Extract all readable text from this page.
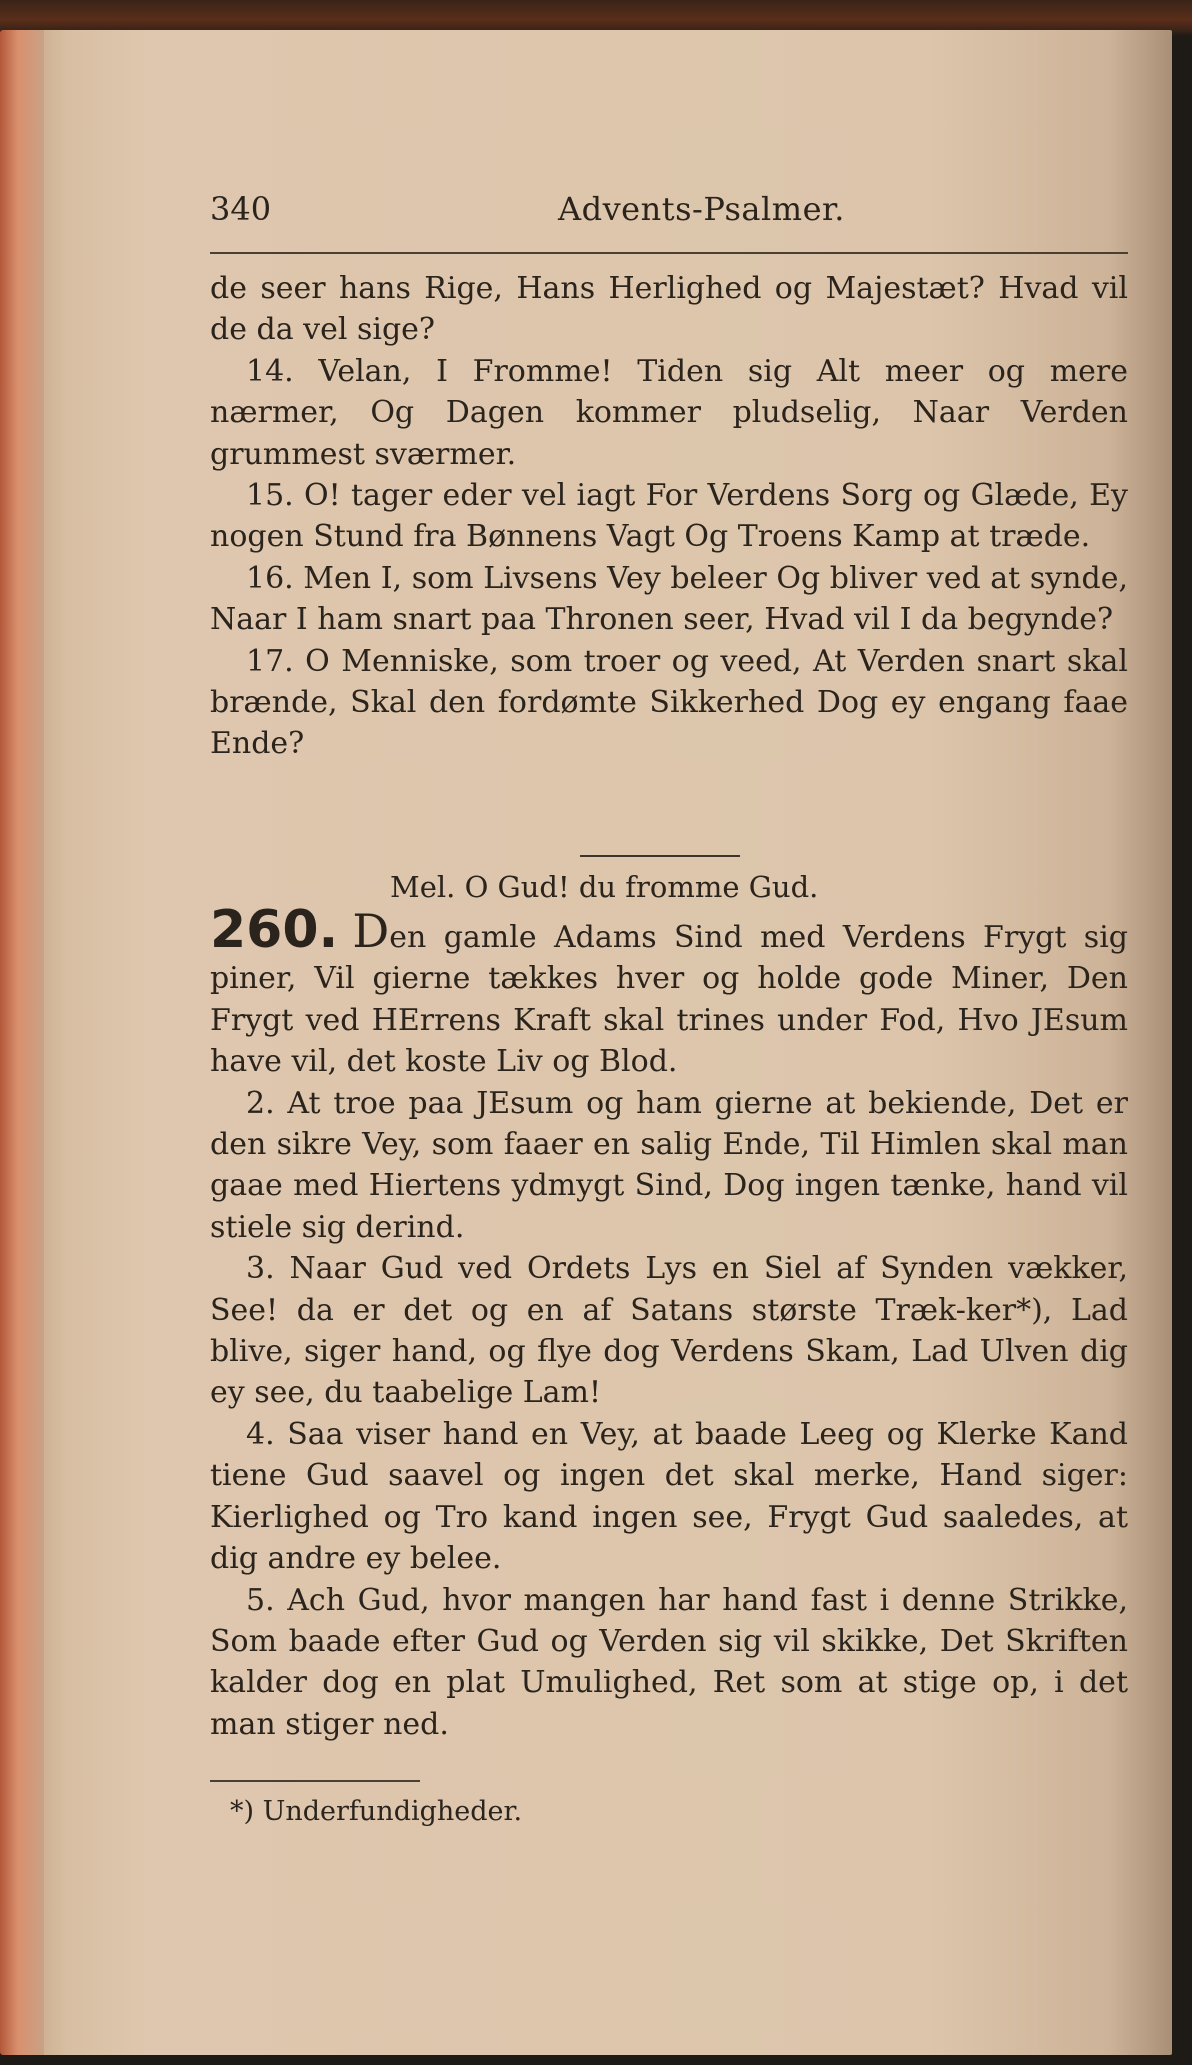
340	Advents-Psalmer.

de seer hans Rige, Hans Herlighed og Majestæt? Hvad vil de da vel sige?

14. Velan, I Fromme! Tiden sig Alt meer og mere nærmer, Og Dagen kommer pludselig, Naar Verden grummest sværmer.

15. O! tager eder vel iagt For Verdens Sorg og Glæde, Ey nogen Stund fra Bønnens Vagt Og Troens Kamp at træde.

16. Men I, som Livsens Vey beleer Og bliver ved at synde, Naar I ham snart paa Thronen seer, Hvad vil I da begynde?

17. O Menniske, som troer og veed, At Verden snart skal brænde, Skal den fordømte Sikkerhed Dog ey engang faae Ende?

Mel. O Gud! du fromme Gud.

260. Den gamle Adams Sind med Verdens Frygt sig piner, Vil gierne tækkes hver og holde gode Miner, Den Frygt ved HErrens Kraft skal trines under Fod, Hvo JEsum have vil, det koste Liv og Blod.

2. At troe paa JEsum og ham gierne at bekiende, Det er den sikre Vey, som faaer en salig Ende, Til Himlen skal man gaae med Hiertens ydmygt Sind, Dog ingen tænke, hand vil stiele sig derind.

3. Naar Gud ved Ordets Lys en Siel af Synden vækker, See! da er det og en af Satans største Træk-ker*), Lad blive, siger hand, og flye dog Verdens Skam, Lad Ulven dig ey see, du taabelige Lam!

4. Saa viser hand en Vey, at baade Leeg og Klerke Kand tiene Gud saavel og ingen det skal merke, Hand siger: Kierlighed og Tro kand ingen see, Frygt Gud saaledes, at dig andre ey belee.

5. Ach Gud, hvor mangen har hand fast i denne Strikke, Som baade efter Gud og Verden sig vil skikke, Det Skriften kalder dog en plat Umulighed, Ret som at stige op, i det man stiger ned.

*) Underfundigheder.
